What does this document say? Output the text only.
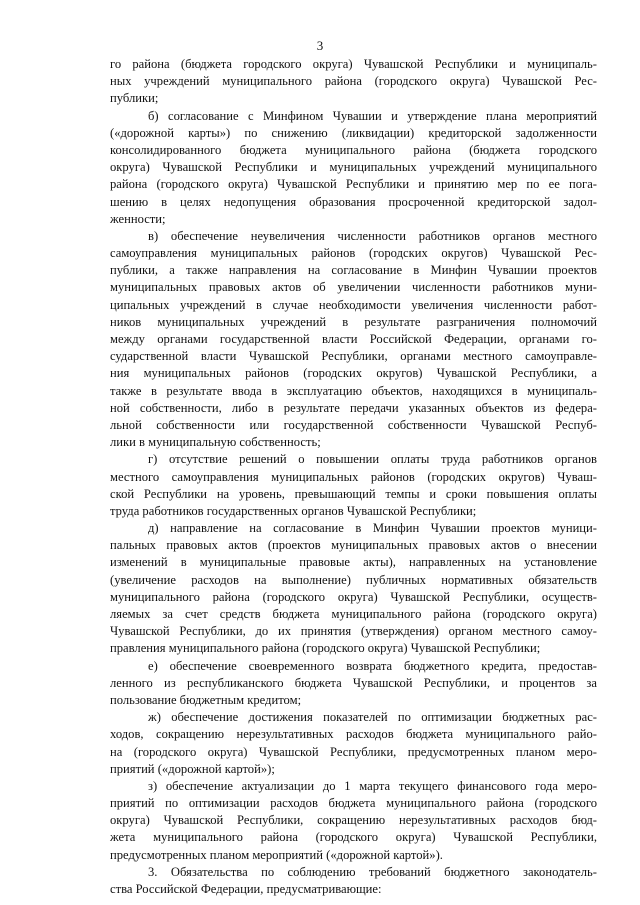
3
го района (бюджета городского округа) Чувашской Республики и муниципаль-
ных учреждений муниципального района (городского округа) Чувашской Рес-
публики;
б) согласование с Минфином Чувашии и утверждение плана мероприятий
(«дорожной карты») по снижению (ликвидации) кредиторской задолженности
консолидированного бюджета муниципального района (бюджета городского
округа) Чувашской Республики и муниципальных учреждений муниципального
района (городского округа) Чувашской Республики и принятию мер по ее пога-
шению в целях недопущения образования просроченной кредиторской задол-
женности;
в) обеспечение неувеличения численности работников органов местного
самоуправления муниципальных районов (городских округов) Чувашской Рес-
публики, а также направления на согласование в Минфин Чувашии проектов
муниципальных правовых актов об увеличении численности работников муни-
ципальных учреждений в случае необходимости увеличения численности работ-
ников муниципальных учреждений в результате разграничения полномочий
между органами государственной власти Российской Федерации, органами го-
сударственной власти Чувашской Республики, органами местного самоуправле-
ния муниципальных районов (городских округов) Чувашской Республики, а
также в результате ввода в эксплуатацию объектов, находящихся в муниципаль-
ной собственности, либо в результате передачи указанных объектов из федера-
льной собственности или государственной собственности Чувашской Респуб-
лики в муниципальную собственность;
г) отсутствие решений о повышении оплаты труда работников органов
местного самоуправления муниципальных районов (городских округов) Чуваш-
ской Республики на уровень, превышающий темпы и сроки повышения оплаты
труда работников государственных органов Чувашской Республики;
д) направление на согласование в Минфин Чувашии проектов муници-
пальных правовых актов (проектов муниципальных правовых актов о внесении
изменений в муниципальные правовые акты), направленных на установление
(увеличение расходов на выполнение) публичных нормативных обязательств
муниципального района (городского округа) Чувашской Республики, осуществ-
ляемых за счет средств бюджета муниципального района (городского округа)
Чувашской Республики, до их принятия (утверждения) органом местного самоу-
правления муниципального района (городского округа) Чувашской Республики;
е) обеспечение своевременного возврата бюджетного кредита, предостав-
ленного из республиканского бюджета Чувашской Республики, и процентов за
пользование бюджетным кредитом;
ж) обеспечение достижения показателей по оптимизации бюджетных рас-
ходов, сокращению нерезультативных расходов бюджета муниципального райо-
на (городского округа) Чувашской Республики, предусмотренных планом меро-
приятий («дорожной картой»);
з) обеспечение актуализации до 1 марта текущего финансового года меро-
приятий по оптимизации расходов бюджета муниципального района (городского
округа) Чувашской Республики, сокращению нерезультативных расходов бюд-
жета муниципального района (городского округа) Чувашской Республики,
предусмотренных планом мероприятий («дорожной картой»).
3. Обязательства по соблюдению требований бюджетного законодатель-
ства Российской Федерации, предусматривающие:
